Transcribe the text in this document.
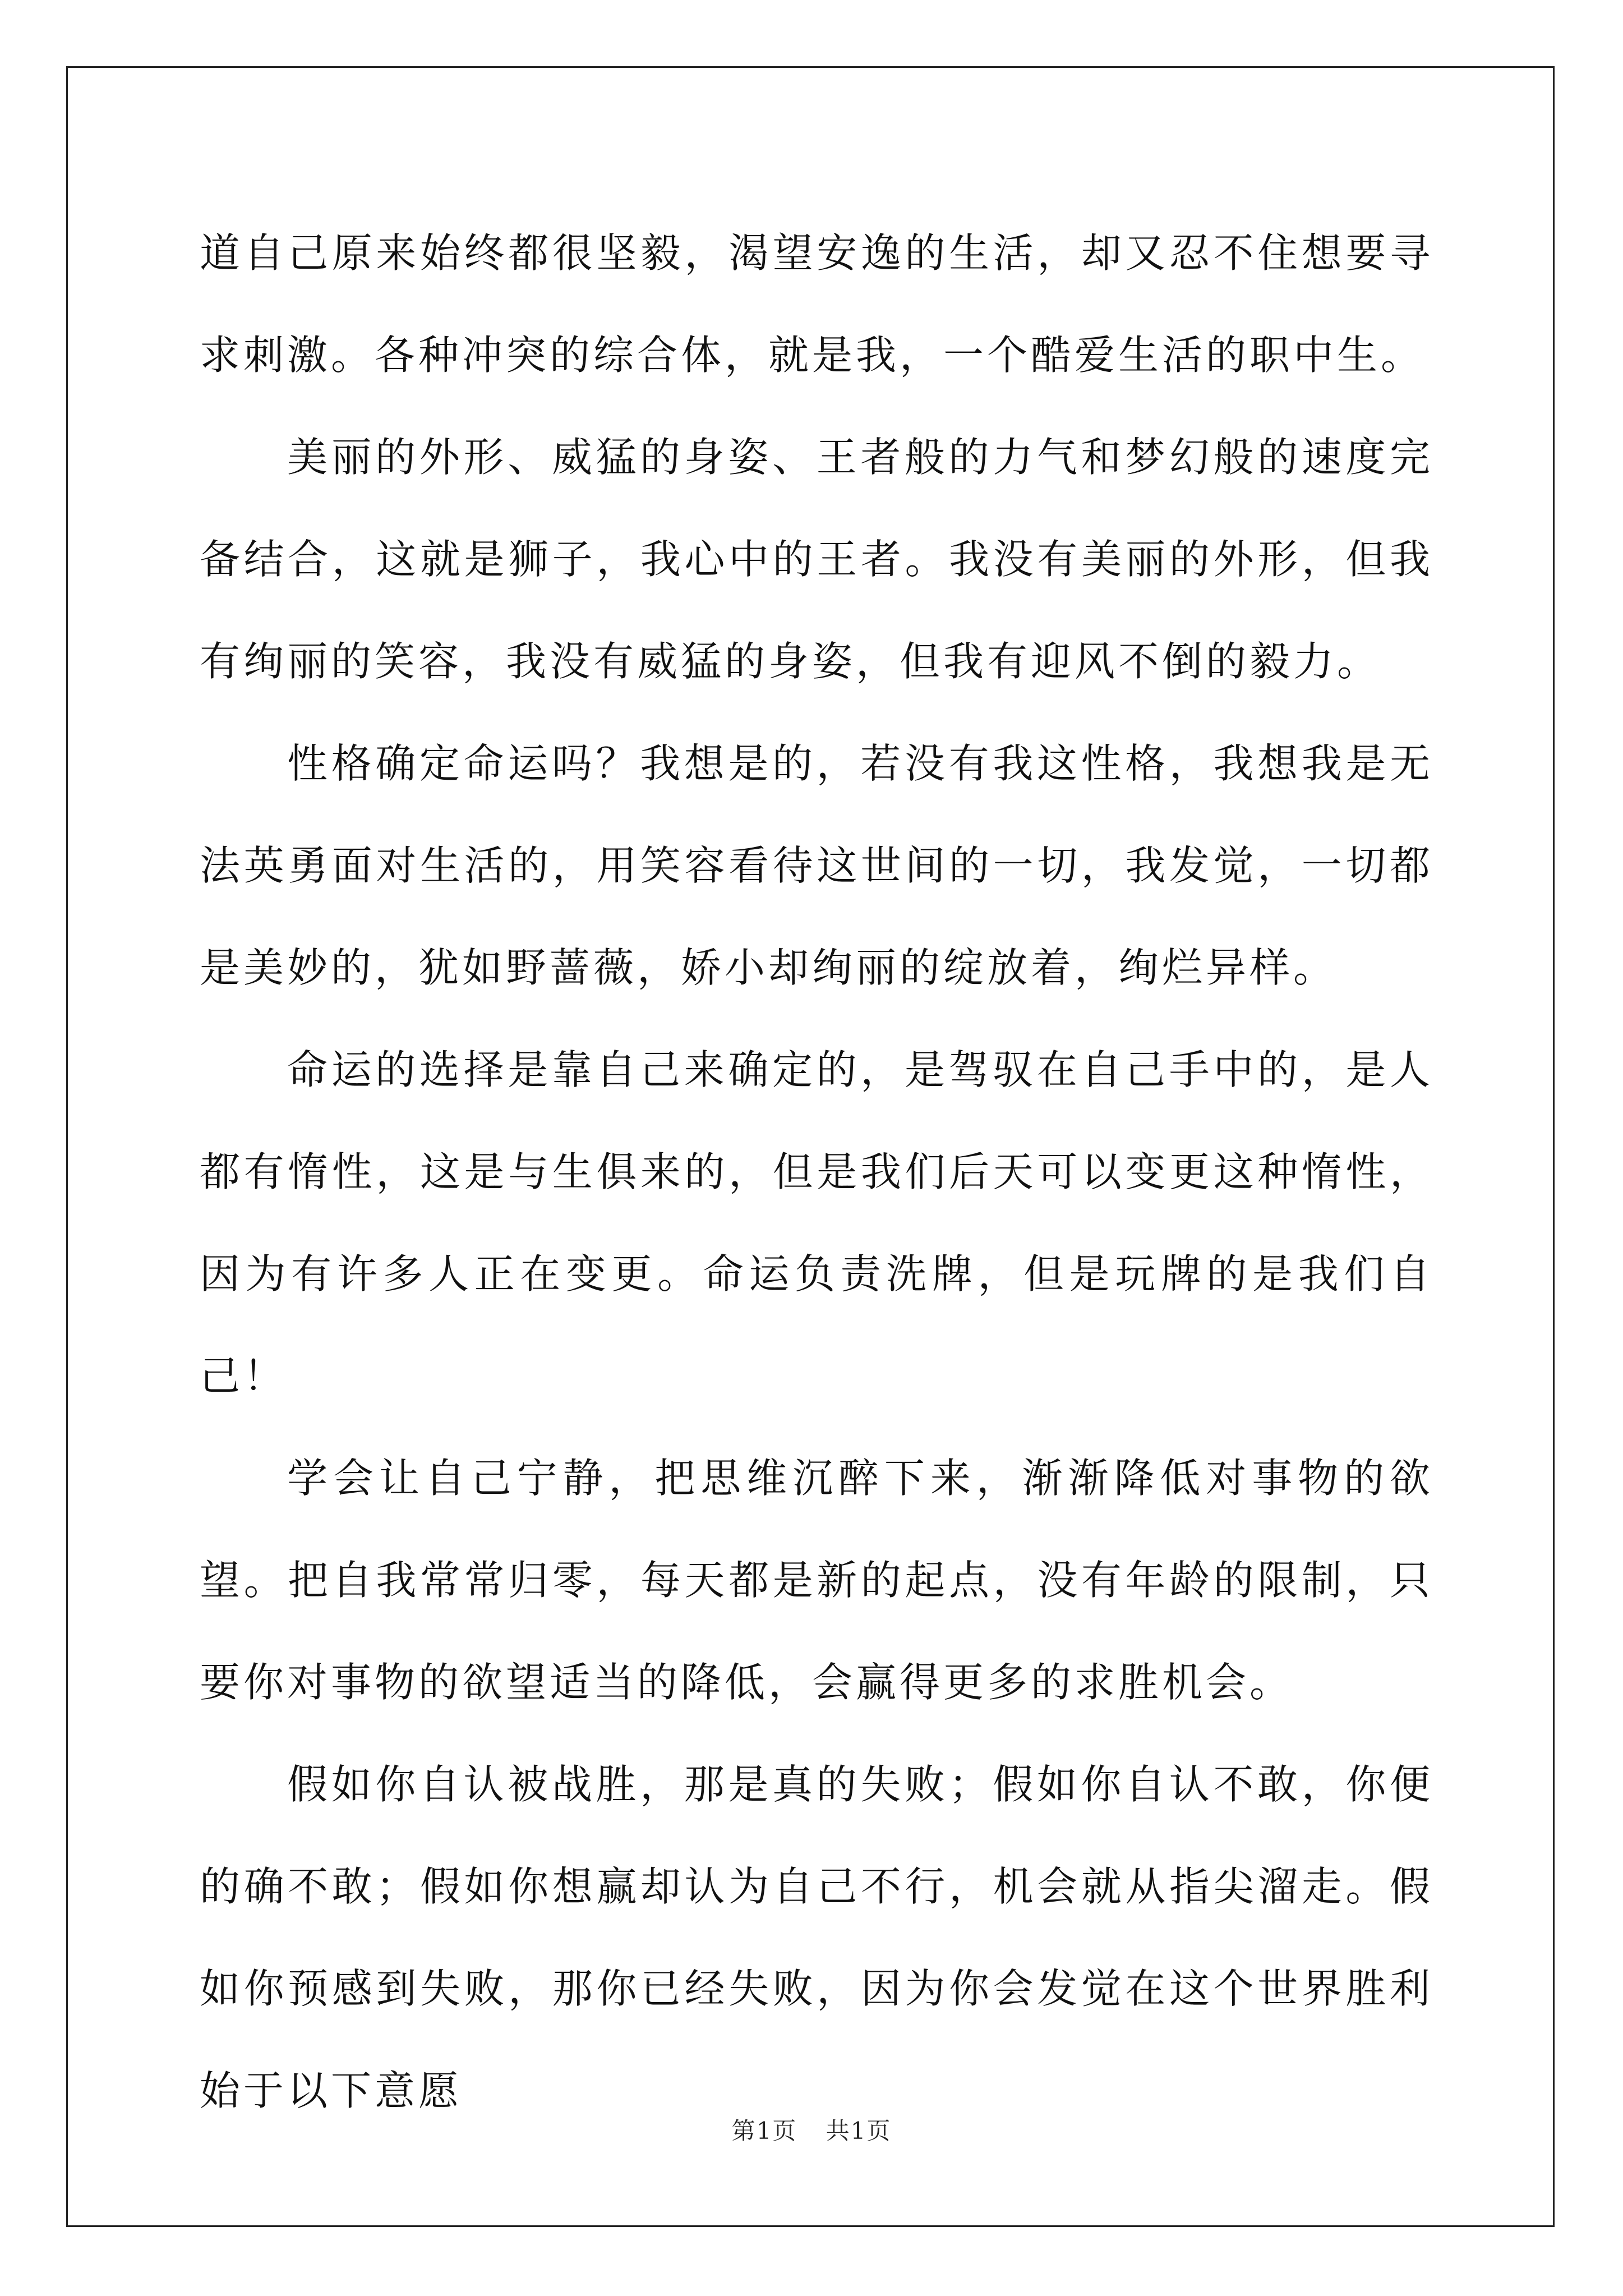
道自己原来始终都很坚毅，渴望安逸的生活，却又忍不住想要寻求刺激。各种冲突的综合体，就是我，一个酷爱生活的职中生。

美丽的外形、威猛的身姿、王者般的力气和梦幻般的速度完备结合，这就是狮子，我心中的王者。我没有美丽的外形，但我有绚丽的笑容，我没有威猛的身姿，但我有迎风不倒的毅力。

性格确定命运吗？我想是的，若没有我这性格，我想我是无法英勇面对生活的，用笑容看待这世间的一切，我发觉，一切都是美妙的，犹如野蔷薇，娇小却绚丽的绽放着，绚烂异样。

命运的选择是靠自己来确定的，是驾驭在自己手中的，是人都有惰性，这是与生俱来的，但是我们后天可以变更这种惰性，因为有许多人正在变更。命运负责洗牌，但是玩牌的是我们自己！

学会让自己宁静，把思维沉醉下来，渐渐降低对事物的欲望。把自我常常归零，每天都是新的起点，没有年龄的限制，只要你对事物的欲望适当的降低，会赢得更多的求胜机会。

假如你自认被战胜，那是真的失败；假如你自认不敢，你便的确不敢；假如你想赢却认为自己不行，机会就从指尖溜走。假如你预感到失败，那你已经失败，因为你会发觉在这个世界胜利始于以下意愿

第1页 共1页
